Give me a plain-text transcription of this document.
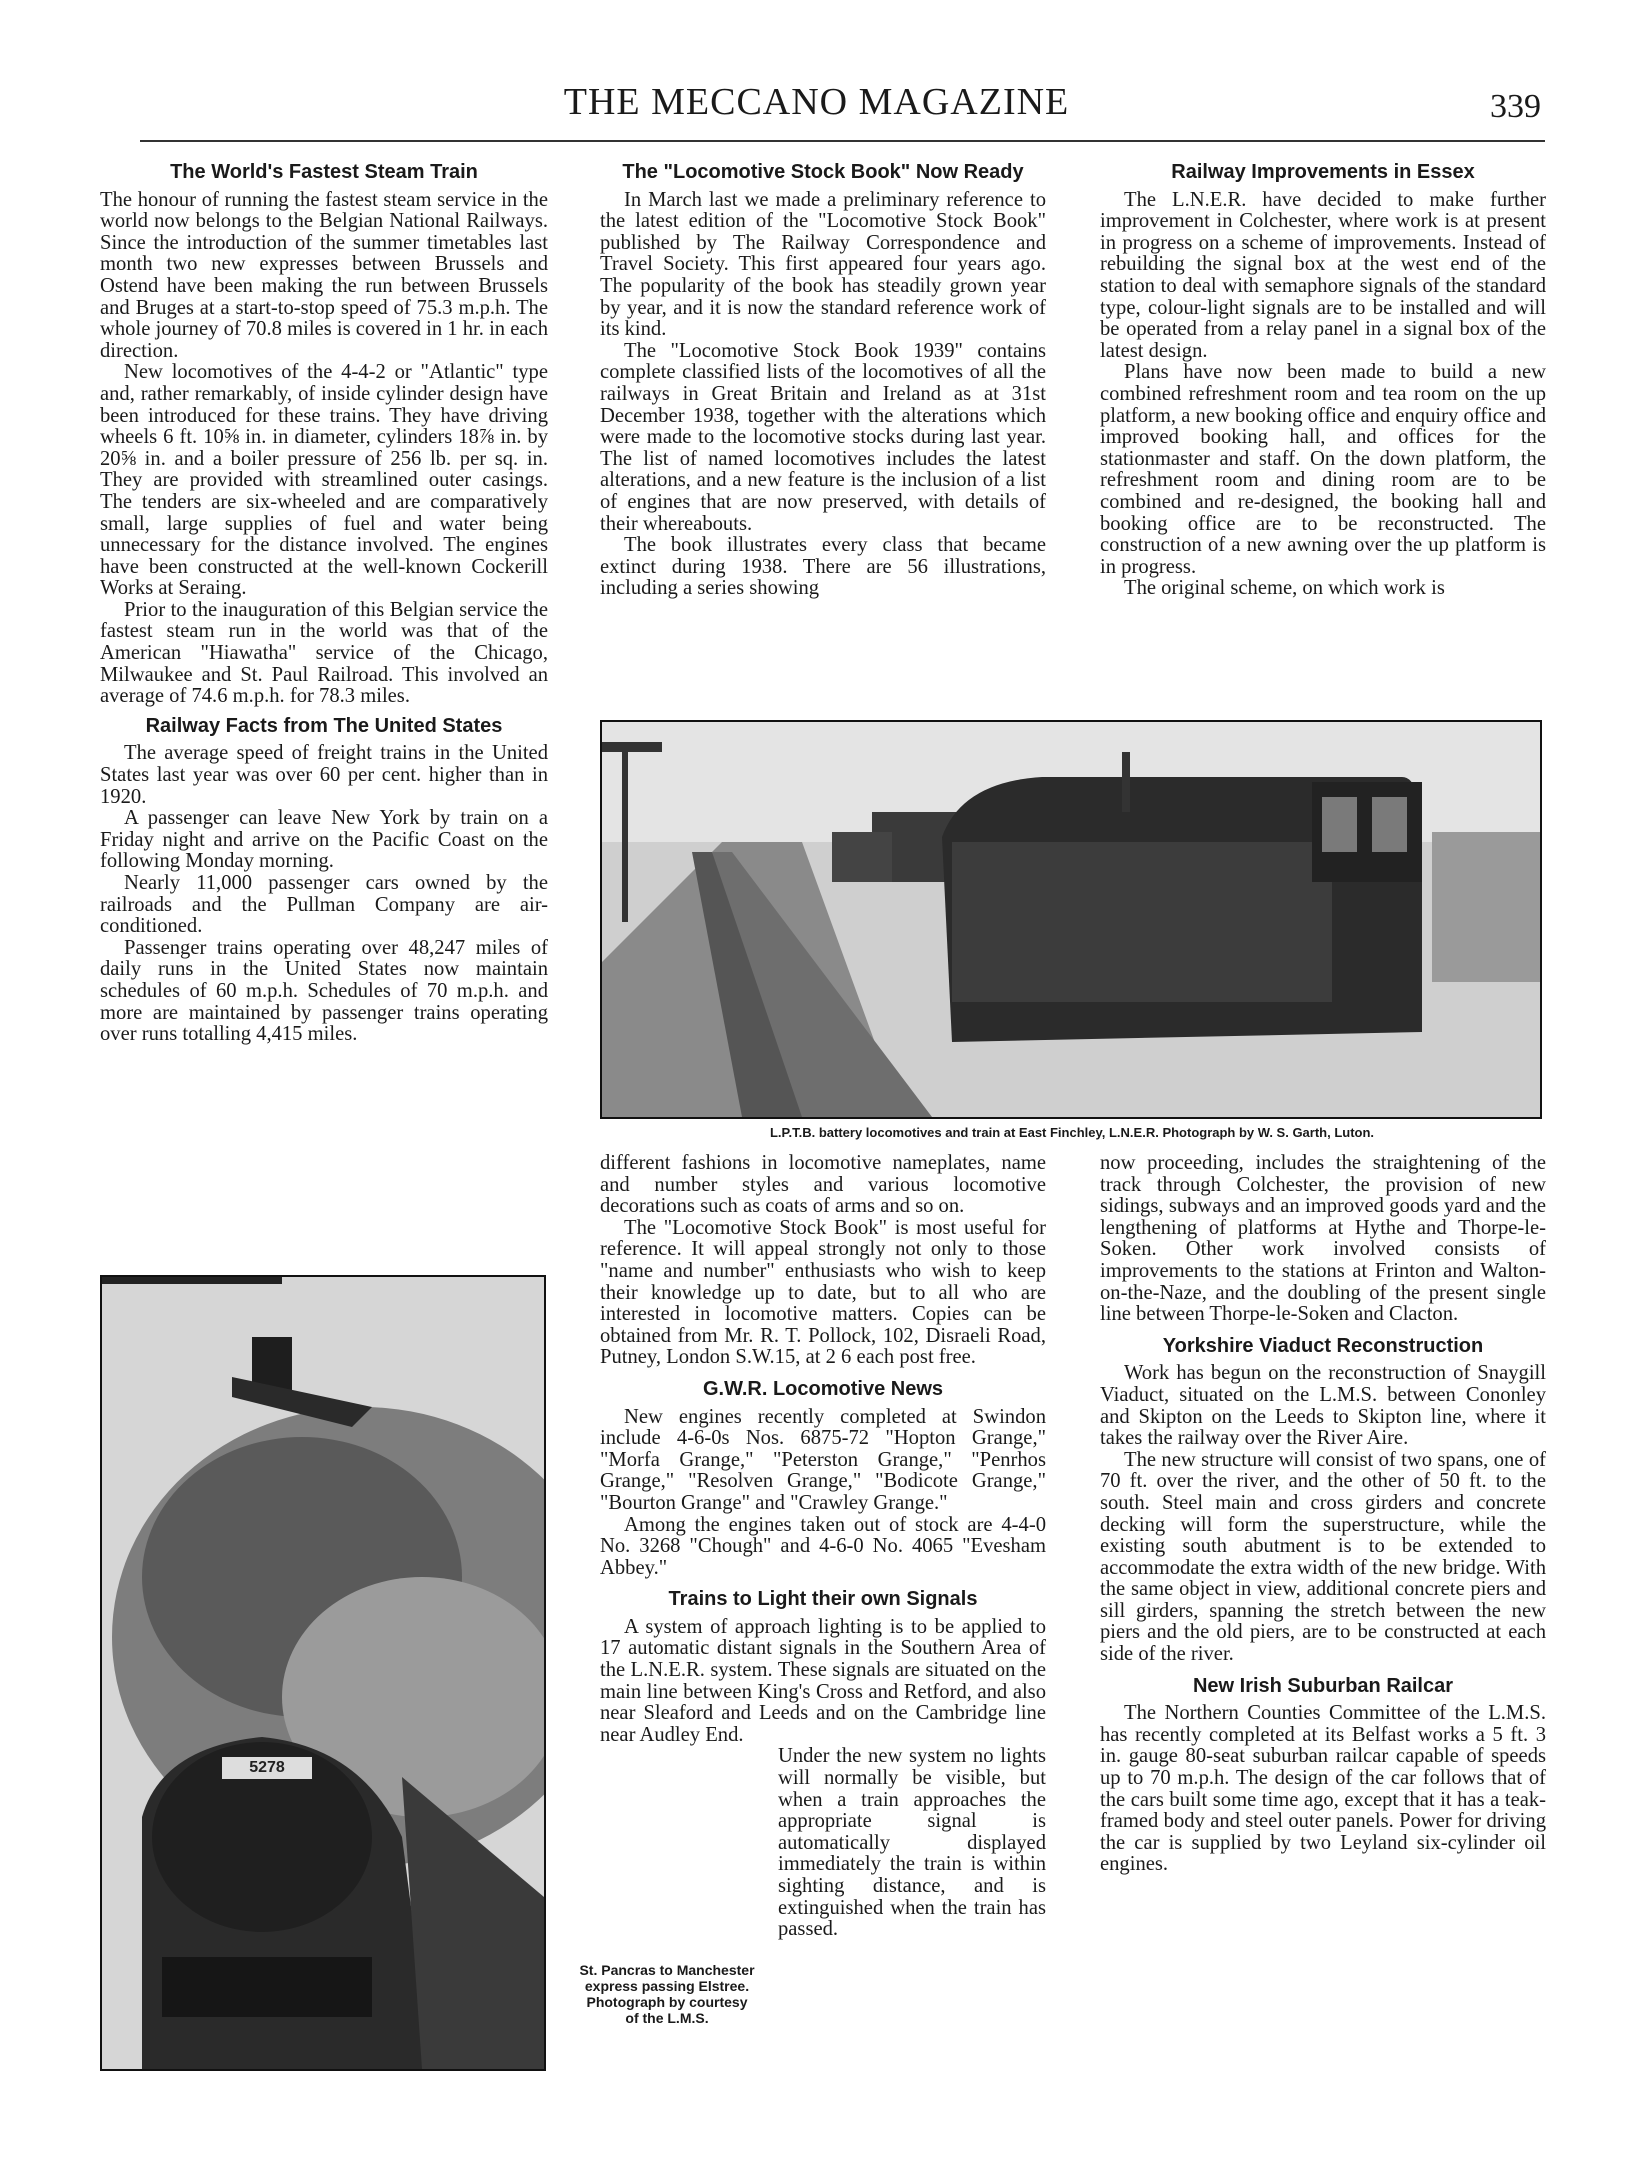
THE MECCANO MAGAZINE	339
The World's Fastest Steam Train

The honour of running the fastest steam service in the world now belongs to the Belgian National Railways. Since the introduction of the summer timetables last month two new expresses between Brussels and Ostend have been making the run between Brussels and Bruges at a start-to-stop speed of 75.3 m.p.h. The whole journey of 70.8 miles is covered in 1 hr. in each direction.

New locomotives of the 4-4-2 or "Atlantic" type and, rather remarkably, of inside cylinder design have been introduced for these trains. They have driving wheels 6 ft. 10⅝ in. in diameter, cylinders 18⅞ in. by 20⅝ in. and a boiler pressure of 256 lb. per sq. in. They are provided with streamlined outer casings. The tenders are six-wheeled and are comparatively small, large supplies of fuel and water being unnecessary for the distance involved. The engines have been constructed at the well-known Cockerill Works at Seraing.

Prior to the inauguration of this Belgian service the fastest steam run in the world was that of the American "Hiawatha" service of the Chicago, Milwaukee and St. Paul Railroad. This involved an average of 74.6 m.p.h. for 78.3 miles.

Railway Facts from The United States

The average speed of freight trains in the United States last year was over 60 per cent. higher than in 1920.

A passenger can leave New York by train on a Friday night and arrive on the Pacific Coast on the following Monday morning.

Nearly 11,000 passenger cars owned by the railroads and the Pullman Company are air-conditioned.

Passenger trains operating over 48,247 miles of daily runs in the United States now maintain schedules of 60 m.p.h. Schedules of 70 m.p.h. and more are maintained by passenger trains operating over runs totalling 4,415 miles.

The "Locomotive Stock Book" Now Ready

In March last we made a preliminary reference to the latest edition of the "Locomotive Stock Book" published by The Railway Correspondence and Travel Society. This first appeared four years ago. The popularity of the book has steadily grown year by year, and it is now the standard reference work of its kind.

The "Locomotive Stock Book 1939" contains complete classified lists of the locomotives of all the railways in Great Britain and Ireland as at 31st December 1938, together with the alterations which were made to the locomotive stocks during last year. The list of named locomotives includes the latest alterations, and a new feature is the inclusion of a list of engines that are now preserved, with details of their whereabouts.

The book illustrates every class that became extinct during 1938. There are 56 illustrations, including a series showing

Railway Improvements in Essex

The L.N.E.R. have decided to make further improvement in Colchester, where work is at present in progress on a scheme of improvements. Instead of rebuilding the signal box at the west end of the station to deal with semaphore signals of the standard type, colour-light signals are to be installed and will be operated from a relay panel in a signal box of the latest design.

Plans have now been made to build a new combined refreshment room and tea room on the up platform, a new booking office and enquiry office and improved booking hall, and offices for the stationmaster and staff. On the down platform, the refreshment room and dining room are to be combined and re-designed, the booking hall and booking office are to be reconstructed. The construction of a new awning over the up platform is in progress.

The original scheme, on which work is

L.P.T.B. battery locomotives and train at East Finchley, L.N.E.R. Photograph by W. S. Garth, Luton.
5278

different fashions in locomotive nameplates, name and number styles and various locomotive decorations such as coats of arms and so on.

The "Locomotive Stock Book" is most useful for reference. It will appeal strongly not only to those "name and number" enthusiasts who wish to keep their knowledge up to date, but to all who are interested in locomotive matters. Copies can be obtained from Mr. R. T. Pollock, 102, Disraeli Road, Putney, London S.W.15, at 2 6 each post free.

G.W.R. Locomotive News

New engines recently completed at Swindon include 4-6-0s Nos. 6875-72 "Hopton Grange," "Morfa Grange," "Peterston Grange," "Penrhos Grange," "Resolven Grange," "Bodicote Grange," "Bourton Grange" and "Crawley Grange."

Among the engines taken out of stock are 4-4-0 No. 3268 "Chough" and 4-6-0 No. 4065 "Evesham Abbey."

Trains to Light their own Signals

A system of approach lighting is to be applied to 17 automatic distant signals in the Southern Area of the L.N.E.R. system. These signals are situated on the main line between King's Cross and Retford, and also near Sleaford and Leeds and on the Cambridge line near Audley End.

Under the new system no lights will normally be visible, but when a train approaches the appropriate signal is automatically displayed immediately the train is within sighting distance, and is extinguished when the train has passed.

St. Pancras to Manchester express passing Elstree. Photograph by courtesy of the L.M.S.

now proceeding, includes the straightening of the track through Colchester, the provision of new sidings, subways and an improved goods yard and the lengthening of platforms at Hythe and Thorpe-le-Soken. Other work involved consists of improvements to the stations at Frinton and Walton-on-the-Naze, and the doubling of the present single line between Thorpe-le-Soken and Clacton.

Yorkshire Viaduct Reconstruction

Work has begun on the reconstruction of Snaygill Viaduct, situated on the L.M.S. between Cononley and Skipton on the Leeds to Skipton line, where it takes the railway over the River Aire.

The new structure will consist of two spans, one of 70 ft. over the river, and the other of 50 ft. to the south. Steel main and cross girders and concrete decking will form the superstructure, while the existing south abutment is to be extended to accommodate the extra width of the new bridge. With the same object in view, additional concrete piers and sill girders, spanning the stretch between the new piers and the old piers, are to be constructed at each side of the river.

New Irish Suburban Railcar

The Northern Counties Committee of the L.M.S. has recently completed at its Belfast works a 5 ft. 3 in. gauge 80-seat suburban railcar capable of speeds up to 70 m.p.h. The design of the car follows that of the cars built some time ago, except that it has a teak-framed body and steel outer panels. Power for driving the car is supplied by two Leyland six-cylinder oil engines.
